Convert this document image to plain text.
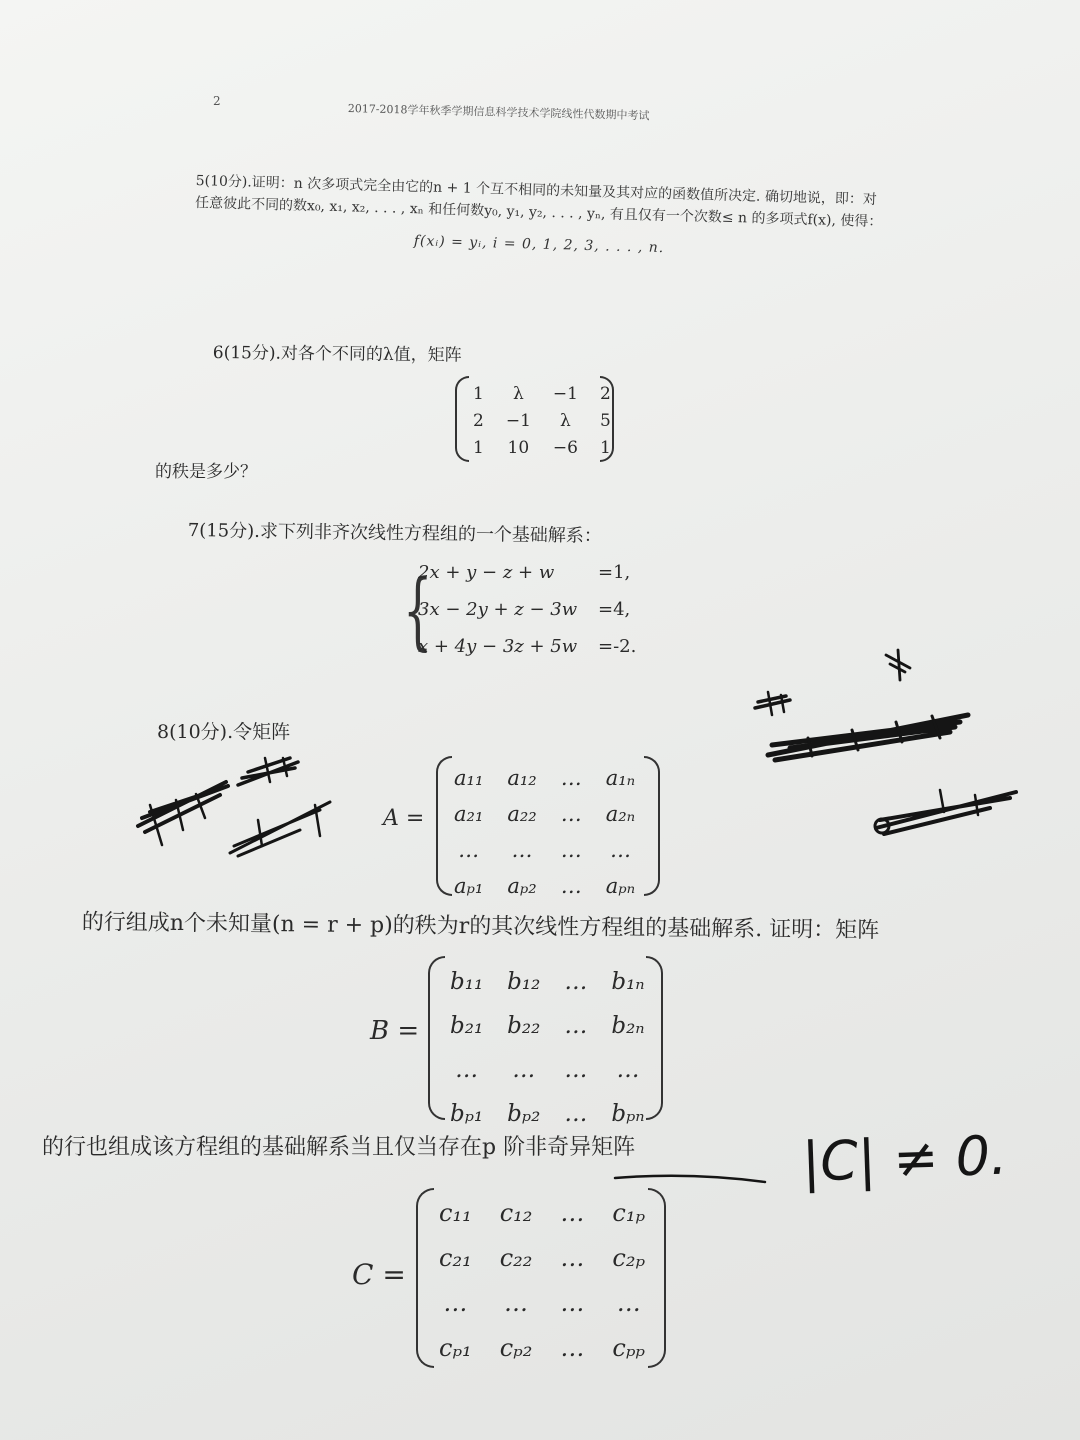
2
2017-2018学年秋季学期信息科学技术学院线性代数期中考试
5(10分).证明：n 次多项式完全由它的n + 1 个互不相同的未知量及其对应的函数值所决定. 确切地说，即：对任意彼此不同的数x₀, x₁, x₂, . . . , xₙ 和任何数y₀, y₁, y₂, . . . , yₙ, 有且仅有一个次数≤ n 的多项式f(x), 使得：
f(xᵢ) = yᵢ, i = 0, 1, 2, 3, . . . , n.
6(15分).对各个不同的λ值，矩阵
1	λ	−1	2
2	−1	λ	5
1	10	−6	1
的秩是多少？
7(15分).求下列非齐次线性方程组的一个基础解系：
{
2x + y − z + w	=1,
3x − 2y + z − 3w	=4,
x + 4y − 3z + 5w	=-2.
8(10分).令矩阵
A =
a₁₁	a₁₂	…	a₁ₙ
a₂₁	a₂₂	…	a₂ₙ
…	…	…	…
aₚ₁	aₚ₂	…	aₚₙ
的行组成n个未知量(n = r + p)的秩为r的其次线性方程组的基础解系. 证明：矩阵
B =
b₁₁	b₁₂	…	b₁ₙ
b₂₁	b₂₂	…	b₂ₙ
…	…	…	…
bₚ₁	bₚ₂	…	bₚₙ
的行也组成该方程组的基础解系当且仅当存在p 阶非奇异矩阵
C =
c₁₁	c₁₂	…	c₁ₚ
c₂₁	c₂₂	…	c₂ₚ
…	…	…	…
cₚ₁	cₚ₂	…	cₚₚ
|C| ≠ 0.
